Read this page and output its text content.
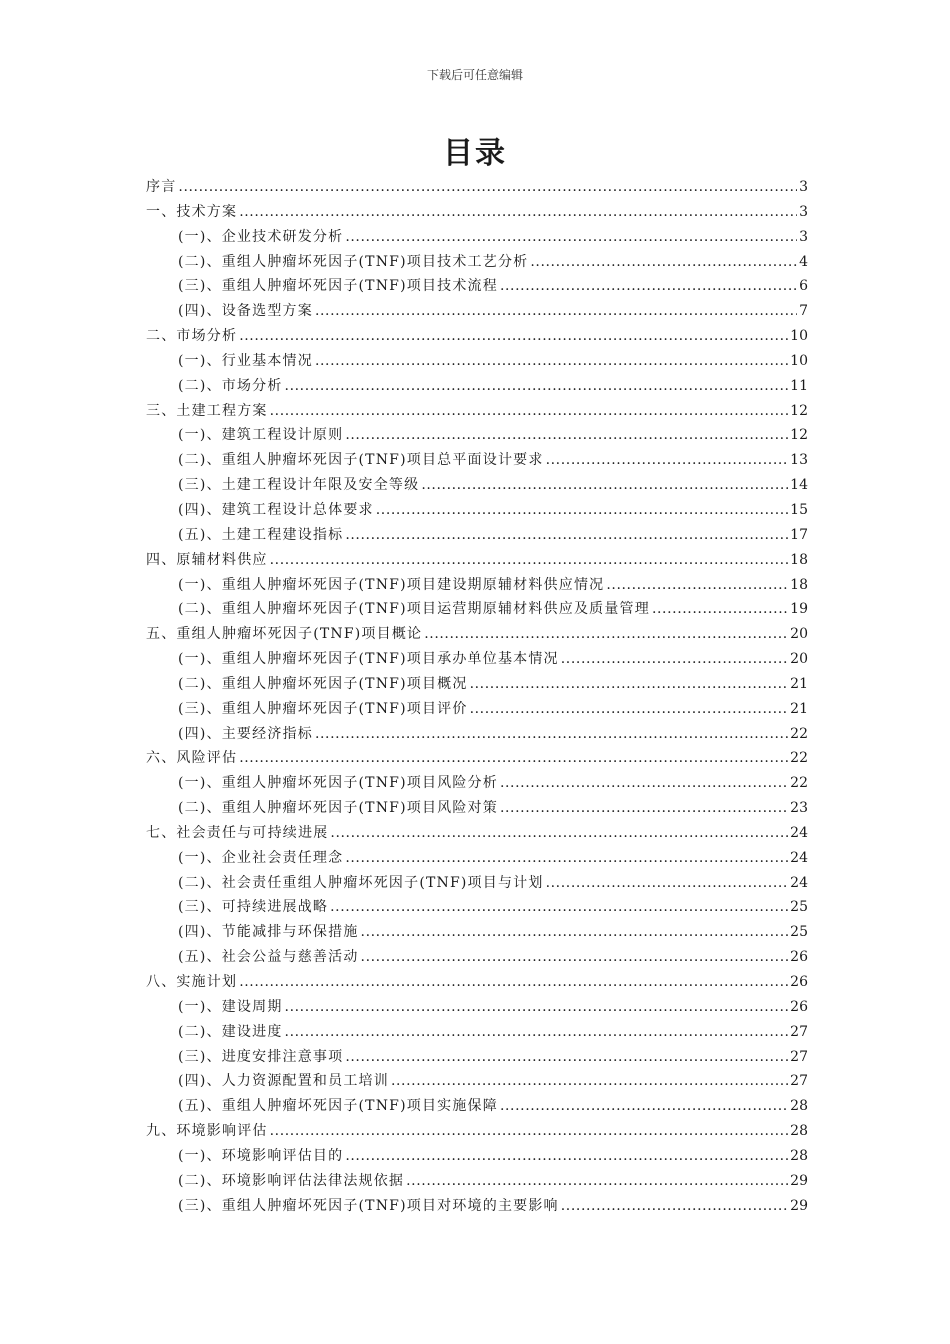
下载后可任意编辑
目录
序言 .....	3
一、技术方案 .....	3
(一)、企业技术研发分析 .....	3
(二)、重组人肿瘤坏死因子(TNF)项目技术工艺分析 .....	4
(三)、重组人肿瘤坏死因子(TNF)项目技术流程 .....	6
(四)、设备选型方案 .....	7
二、市场分析 .....	10
(一)、行业基本情况 .....	10
(二)、市场分析 .....	11
三、土建工程方案 .....	12
(一)、建筑工程设计原则 .....	12
(二)、重组人肿瘤坏死因子(TNF)项目总平面设计要求 .....	13
(三)、土建工程设计年限及安全等级 .....	14
(四)、建筑工程设计总体要求 .....	15
(五)、土建工程建设指标 .....	17
四、原辅材料供应 .....	18
(一)、重组人肿瘤坏死因子(TNF)项目建设期原辅材料供应情况 .....	18
(二)、重组人肿瘤坏死因子(TNF)项目运营期原辅材料供应及质量管理 .....	19
五、重组人肿瘤坏死因子(TNF)项目概论 .....	20
(一)、重组人肿瘤坏死因子(TNF)项目承办单位基本情况 .....	20
(二)、重组人肿瘤坏死因子(TNF)项目概况 .....	21
(三)、重组人肿瘤坏死因子(TNF)项目评价 .....	21
(四)、主要经济指标 .....	22
六、风险评估 .....	22
(一)、重组人肿瘤坏死因子(TNF)项目风险分析 .....	22
(二)、重组人肿瘤坏死因子(TNF)项目风险对策 .....	23
七、社会责任与可持续进展 .....	24
(一)、企业社会责任理念 .....	24
(二)、社会责任重组人肿瘤坏死因子(TNF)项目与计划 .....	24
(三)、可持续进展战略 .....	25
(四)、节能减排与环保措施 .....	25
(五)、社会公益与慈善活动 .....	26
八、实施计划 .....	26
(一)、建设周期 .....	26
(二)、建设进度 .....	27
(三)、进度安排注意事项 .....	27
(四)、人力资源配置和员工培训 .....	27
(五)、重组人肿瘤坏死因子(TNF)项目实施保障 .....	28
九、环境影响评估 .....	28
(一)、环境影响评估目的 .....	28
(二)、环境影响评估法律法规依据 .....	29
(三)、重组人肿瘤坏死因子(TNF)项目对环境的主要影响 .....	29
